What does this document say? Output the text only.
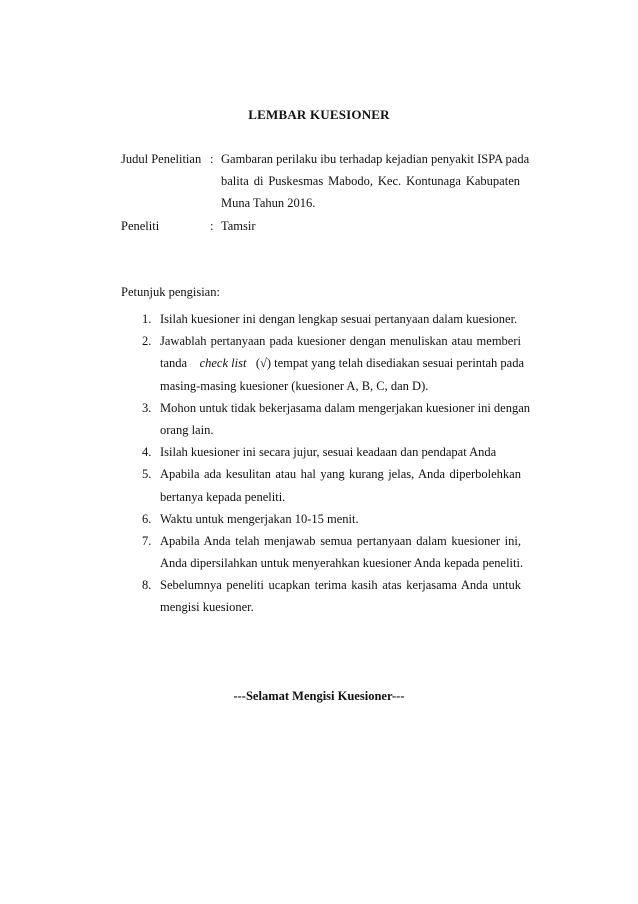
LEMBAR KUESIONER
Judul Penelitian : Gambaran perilaku ibu terhadap kejadian penyakit ISPA pada
balita di Puskesmas Mabodo, Kec. Kontunaga Kabupaten
Muna Tahun 2016.
Peneliti	: Tamsir
Petunjuk pengisian:
1. Isilah kuesioner ini dengan lengkap sesuai pertanyaan dalam kuesioner.
2. Jawablah pertanyaan pada kuesioner dengan menuliskan atau memberi
tanda check list (√) tempat yang telah disediakan sesuai perintah pada
masing-masing kuesioner (kuesioner A, B, C, dan D).
3. Mohon untuk tidak bekerjasama dalam mengerjakan kuesioner ini dengan
orang lain.
4. Isilah kuesioner ini secara jujur, sesuai keadaan dan pendapat Anda
5. Apabila ada kesulitan atau hal yang kurang jelas, Anda diperbolehkan
bertanya kepada peneliti.
6. Waktu untuk mengerjakan 10-15 menit.
7. Apabila Anda telah menjawab semua pertanyaan dalam kuesioner ini,
Anda dipersilahkan untuk menyerahkan kuesioner Anda kepada peneliti.
8. Sebelumnya peneliti ucapkan terima kasih atas kerjasama Anda untuk
mengisi kuesioner.
---Selamat Mengisi Kuesioner---
